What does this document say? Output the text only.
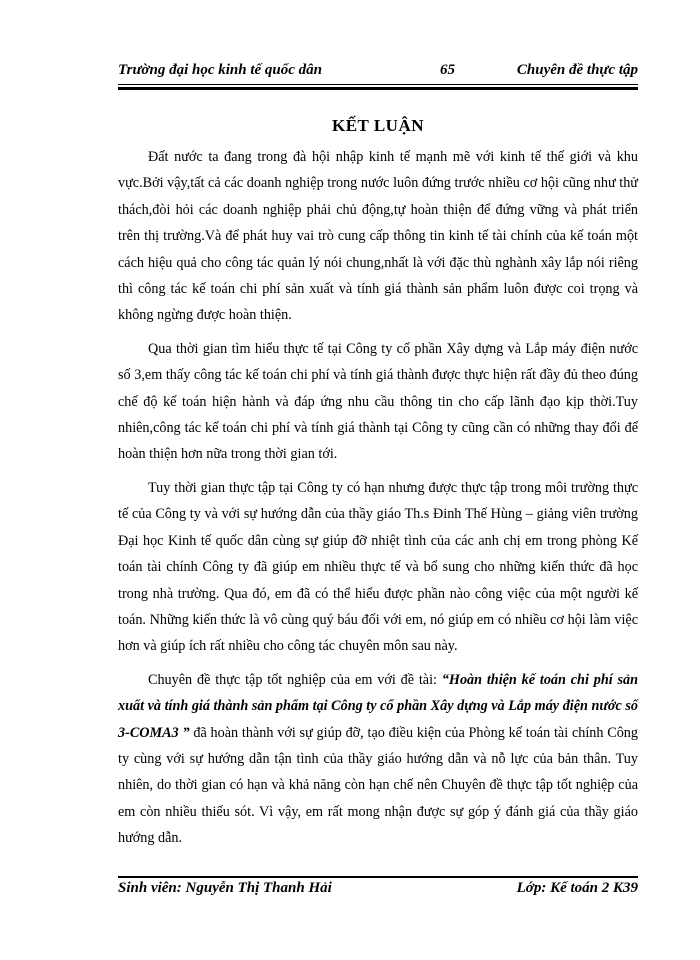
Trường đại học kinh tế quốc dân	65	Chuyên đề thực tập
KẾT LUẬN

Đất nước ta đang trong đà hội nhập kinh tế mạnh mẽ với kinh tế thế giới và khu vực.Bởi vậy,tất cả các doanh nghiệp trong nước luôn đứng trước nhiều cơ hội cũng như thử thách,đòi hỏi các doanh nghiệp phải chủ động,tự hoàn thiện để đứng vững và phát triển trên thị trường.Và để phát huy vai trò cung cấp thông tin kinh tế tài chính của kế toán một cách hiệu quả cho công tác quản lý nói chung,nhất là với đặc thù nghành xây lắp nói riêng thì công tác kế toán chi phí sản xuất và tính giá thành sản phẩm luôn được coi trọng và không ngừng được hoàn thiện.

Qua thời gian tìm hiểu thực tế tại Công ty cổ phần Xây dựng và Lắp máy điện nước số 3,em thấy công tác kế toán chi phí và tính giá thành được thực hiện rất đầy đủ theo đúng chế độ kế toán hiện hành và đáp ứng nhu cầu thông tin cho cấp lãnh đạo kịp thời.Tuy nhiên,công tác kế toán chi phí và tính giá thành tại Công ty cũng cần có những thay đổi để hoàn thiện hơn nữa trong thời gian tới.

Tuy thời gian thực tập tại Công ty có hạn nhưng được thực tập trong môi trường thực tế của Công ty và với sự hướng dẫn của thầy giáo Th.s Đinh Thế Hùng – giảng viên trường Đại học Kinh tế quốc dân cùng sự giúp đỡ nhiệt tình của các anh chị em trong phòng Kế toán tài chính Công ty đã giúp em nhiều thực tế và bổ sung cho những kiến thức đã học trong nhà trường. Qua đó, em đã có thể hiểu được phần nào công việc của một người kế toán. Những kiến thức là vô cùng quý báu đối với em, nó giúp em có nhiều cơ hội làm việc hơn và giúp ích rất nhiều cho công tác chuyên môn sau này.

Chuyên đề thực tập tốt nghiệp của em với đề tài: “Hoàn thiện kế toán chi phí sản xuất và tính giá thành sản phẩm tại Công ty cổ phần Xây dựng và Lắp máy điện nước số 3-COMA3 ” đã hoàn thành với sự giúp đỡ, tạo điều kiện của Phòng kế toán tài chính Công ty cùng với sự hướng dẫn tận tình của thầy giáo hướng dẫn và nỗ lực của bản thân. Tuy nhiên, do thời gian có hạn và khả năng còn hạn chế nên Chuyên đề thực tập tốt nghiệp của em còn nhiều thiếu sót. Vì vậy, em rất mong nhận được sự góp ý đánh giá của thầy giáo hướng dẫn.

Sinh viên: Nguyễn Thị Thanh Hải	Lớp: Kế toán 2 K39
